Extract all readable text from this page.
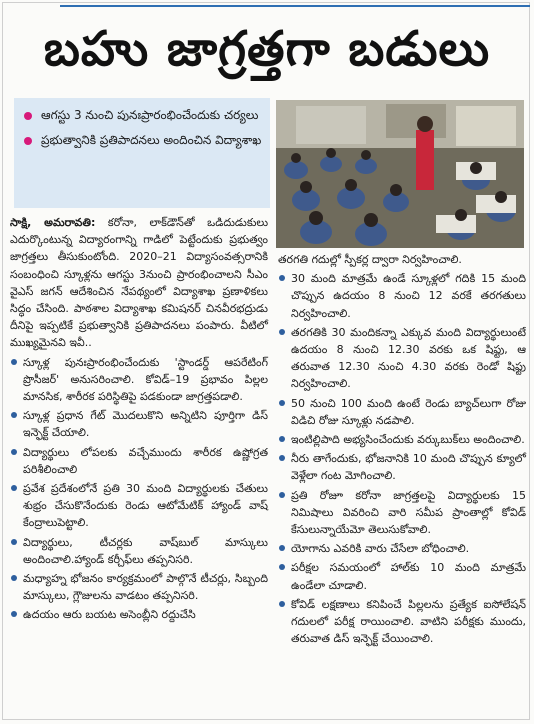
బహు జాగ్రత్తగా బడులు
ఆగస్టు 3 నుంచి పునఃప్రారంభించేందుకు చర్యలు
ప్రభుత్వానికి ప్రతిపాదనలు అందించిన విద్యాశాఖ

సాక్షి, అమరావతి: కరోనా, లాక్‌డౌన్‌తో ఒడిదుడుకులు ఎదుర్కొంటున్న విద్యారంగాన్ని గాడిలో పెట్టేందుకు ప్రభుత్వం జాగ్రత్తలు తీసుకుంటోంది. 2020–21 విద్యాసంవత్సరానికి సంబంధించి స్కూళ్లను ఆగస్టు 3నుంచి ప్రారంభించాలని సీఎం వైఎస్ జగన్ ఆదేశించిన నేపథ్యంలో విద్యాశాఖ ప్రణాళికలు సిద్ధం చేసింది. పాఠశాల విద్యాశాఖ కమిషనర్ చినవీరభద్రుడు దీనిపై ఇప్పటికే ప్రభుత్వానికి ప్రతిపాదనలు పంపారు. వీటిలో ముఖ్యమైనవి ఇవీ..

స్కూళ్ల పునఃప్రారంభించేందుకు 'స్టాండర్డ్ ఆపరేటింగ్ ప్రొసీజర్' అనుసరించాలి. కోవిడ్–19 ప్రభావం పిల్లల మానసిక, శారీరక పరిస్థితిపై పడకుండా జాగ్రత్తపడాలి.
స్కూళ్ల ప్రధాన గేట్ మొదలుకొని అన్నిటిని పూర్తిగా డిస్ ఇన్ఫెక్ట్ చేయాలి.
విద్యార్థులు లోపలకు వచ్చేముందు శారీరక ఉష్ణోగ్రత పరిశీలించాలి
ప్రవేశ ప్రదేశంలోనే ప్రతి 30 మంది విద్యార్థులకు చేతులు శుభ్రం చేసుకొనేందుకు రెండు ఆటోమేటిక్ హ్యాండ్ వాష్ కేంద్రాలుపెట్టాలి.
విద్యార్థులు, టీచర్లకు వాష్‌బుల్ మాస్కులు అందించాలి.హ్యాండ్ కర్చీఫ్‌లు తప్పనిసరి.
మధ్యాహ్న భోజనం కార్యక్రమంలో పాల్గొనే టీచర్లు, సిబ్బంది మాస్కులు, గ్లౌజులను వాడటం తప్పనిసరి.
ఉదయం ఆరు బయట అసెంబ్లీని రద్దుచేసి

తరగతి గదుల్లో స్పీకర్ల ద్వారా నిర్వహించాలి.

30 మంది మాత్రమే ఉండే స్కూళ్లలో గదికి 15 మంది చొప్పున ఉదయం 8 నుంచి 12 వరకే తరగతులు నిర్వహించాలి.
తరగతికి 30 మందికన్నా ఎక్కువ మంది విద్యార్థులుంటే ఉదయం 8 నుంచి 12.30 వరకు ఒక షిఫ్టు, ఆ తరువాత 12.30 నుంచి 4.30 వరకు రెండో షిఫ్టు నిర్వహించాలి.
50 నుంచి 100 మంది ఉంటే రెండు బ్యాచ్‌లుగా రోజు విడిచి రోజు స్కూళ్లు నడపాలి.
ఇంటిల్లిపాది అభ్యసించేందుకు వర్కుబుక్‌లు అందించాలి.
నీరు తాగేందుకు, భోజనానికి 10 మంది చొప్పున క్యూలో వెళ్లేలా గంట మోగించాలి.
ప్రతి రోజూ కరోనా జాగ్రత్తలపై విద్యార్థులకు 15 నిమిషాలు వివరించి వారి సమీప ప్రాంతాల్లో కోవిడ్ కేసులున్నాయేమో తెలుసుకోవాలి.
యోగాను ఎవరికి వారు చేసేలా బోధించాలి.
పరీక్షల సమయంలో హాల్‌కు 10 మంది మాత్రమే ఉండేలా చూడాలి.
కోవిడ్ లక్షణాలు కనిపించే పిల్లలను ప్రత్యేక ఐసోలేషన్ గదులలో పరీక్ష రాయించాలి. వాటిని పరీక్షకు ముందు, తరువాత డిస్ ఇన్ఫెక్ట్ చేయించాలి.
